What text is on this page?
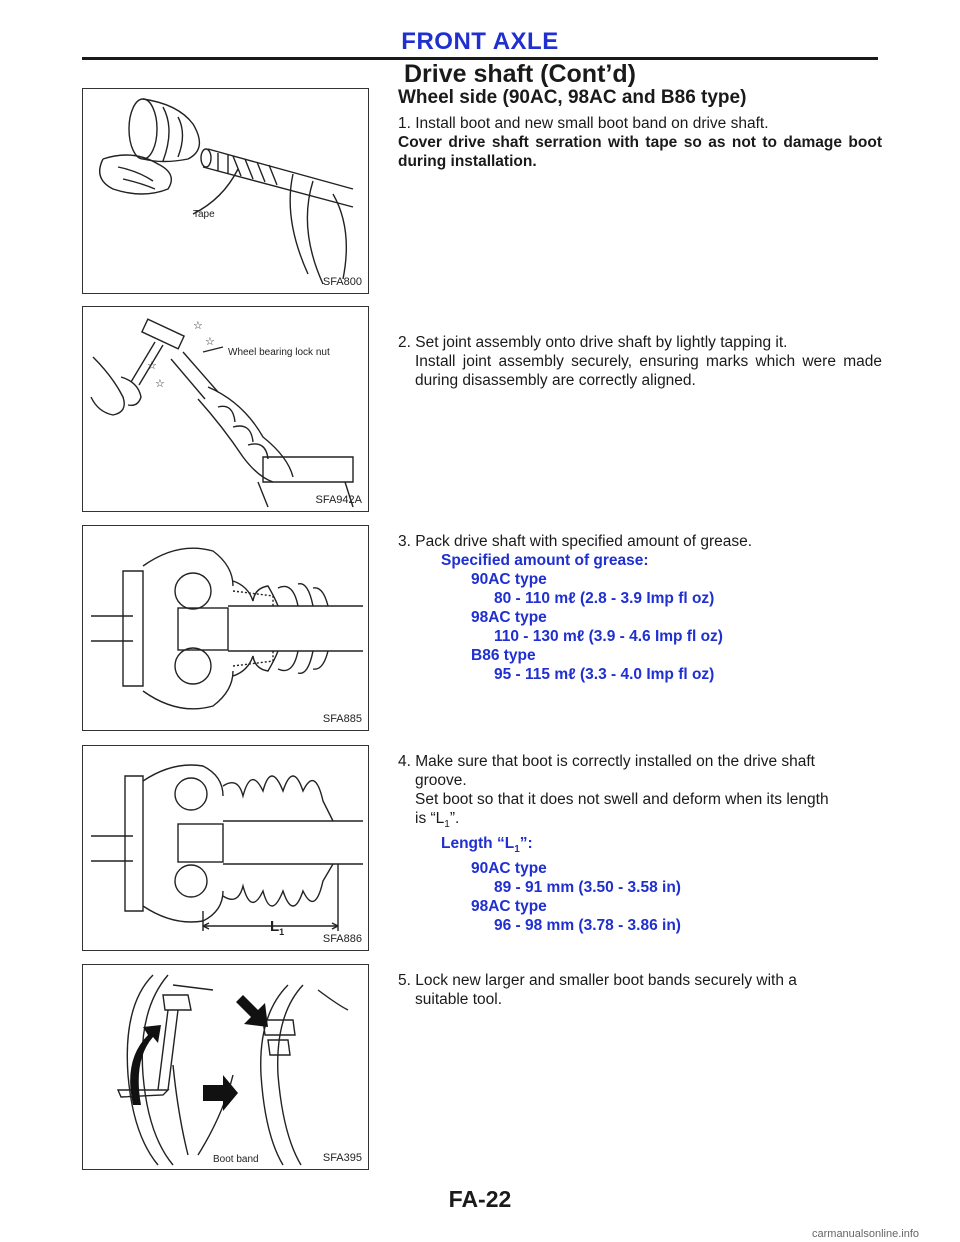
FRONT AXLE
Drive shaft (Cont’d)
Tape
SFA800
☆
☆
☆
☆
Wheel bearing lock nut
SFA942A
SFA885
$L_1$
SFA886
Boot band	SFA395
Wheel side (90AC, 98AC and B86 type)
1. Install boot and new small boot band on drive shaft.
Cover drive shaft serration with tape so as not to damage boot during installation.
2. Set joint assembly onto drive shaft by lightly tapping it.
Install joint assembly securely, ensuring marks which were made during disassembly are correctly aligned.
3. Pack drive shaft with specified amount of grease.
Specified amount of grease:
90AC type
80 - 110 mℓ (2.8 - 3.9 Imp fl oz)
98AC type
110 - 130 mℓ (3.9 - 4.6 Imp fl oz)
B86 type
95 - 115 mℓ (3.3 - 4.0 Imp fl oz)
4. Make sure that boot is correctly installed on the drive shaft
groove.
Set boot so that it does not swell and deform when its length
is “$L_1$”.
Length “$L_1$”:
90AC type
89 - 91 mm (3.50 - 3.58 in)
98AC type
96 - 98 mm (3.78 - 3.86 in)
5. Lock new larger and smaller boot bands securely with a
suitable tool.
FA-22
carmanualsonline.info
